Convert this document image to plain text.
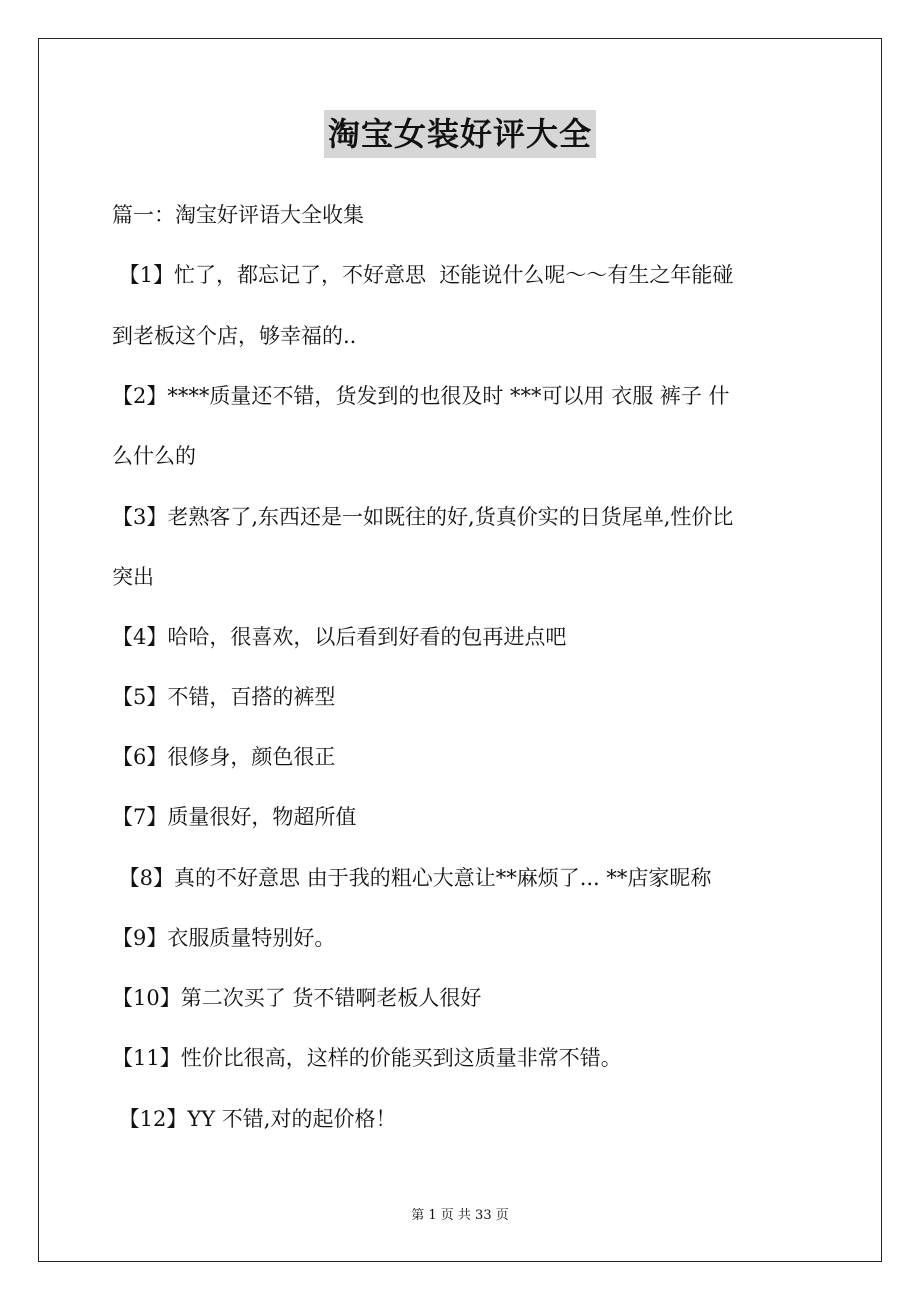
淘宝女装好评大全
篇一：淘宝好评语大全收集
【1】忙了，都忘记了，不好意思  还能说什么呢～～有生之年能碰
到老板这个店，够幸福的..
【2】****质量还不错，货发到的也很及时 ***可以用 衣服 裤子 什
么什么的
【3】老熟客了,东西还是一如既往的好,货真价实的日货尾单,性价比
突出
【4】哈哈，很喜欢，以后看到好看的包再进点吧
【5】不错，百搭的裤型
【6】很修身，颜色很正
【7】质量很好，物超所值
【8】真的不好意思 由于我的粗心大意让**麻烦了... **店家昵称
【9】衣服质量特别好。
【10】第二次买了 货不错啊老板人很好
【11】性价比很高，这样的价能买到这质量非常不错。
【12】YY 不错,对的起价格！
第 1 页 共 33 页
